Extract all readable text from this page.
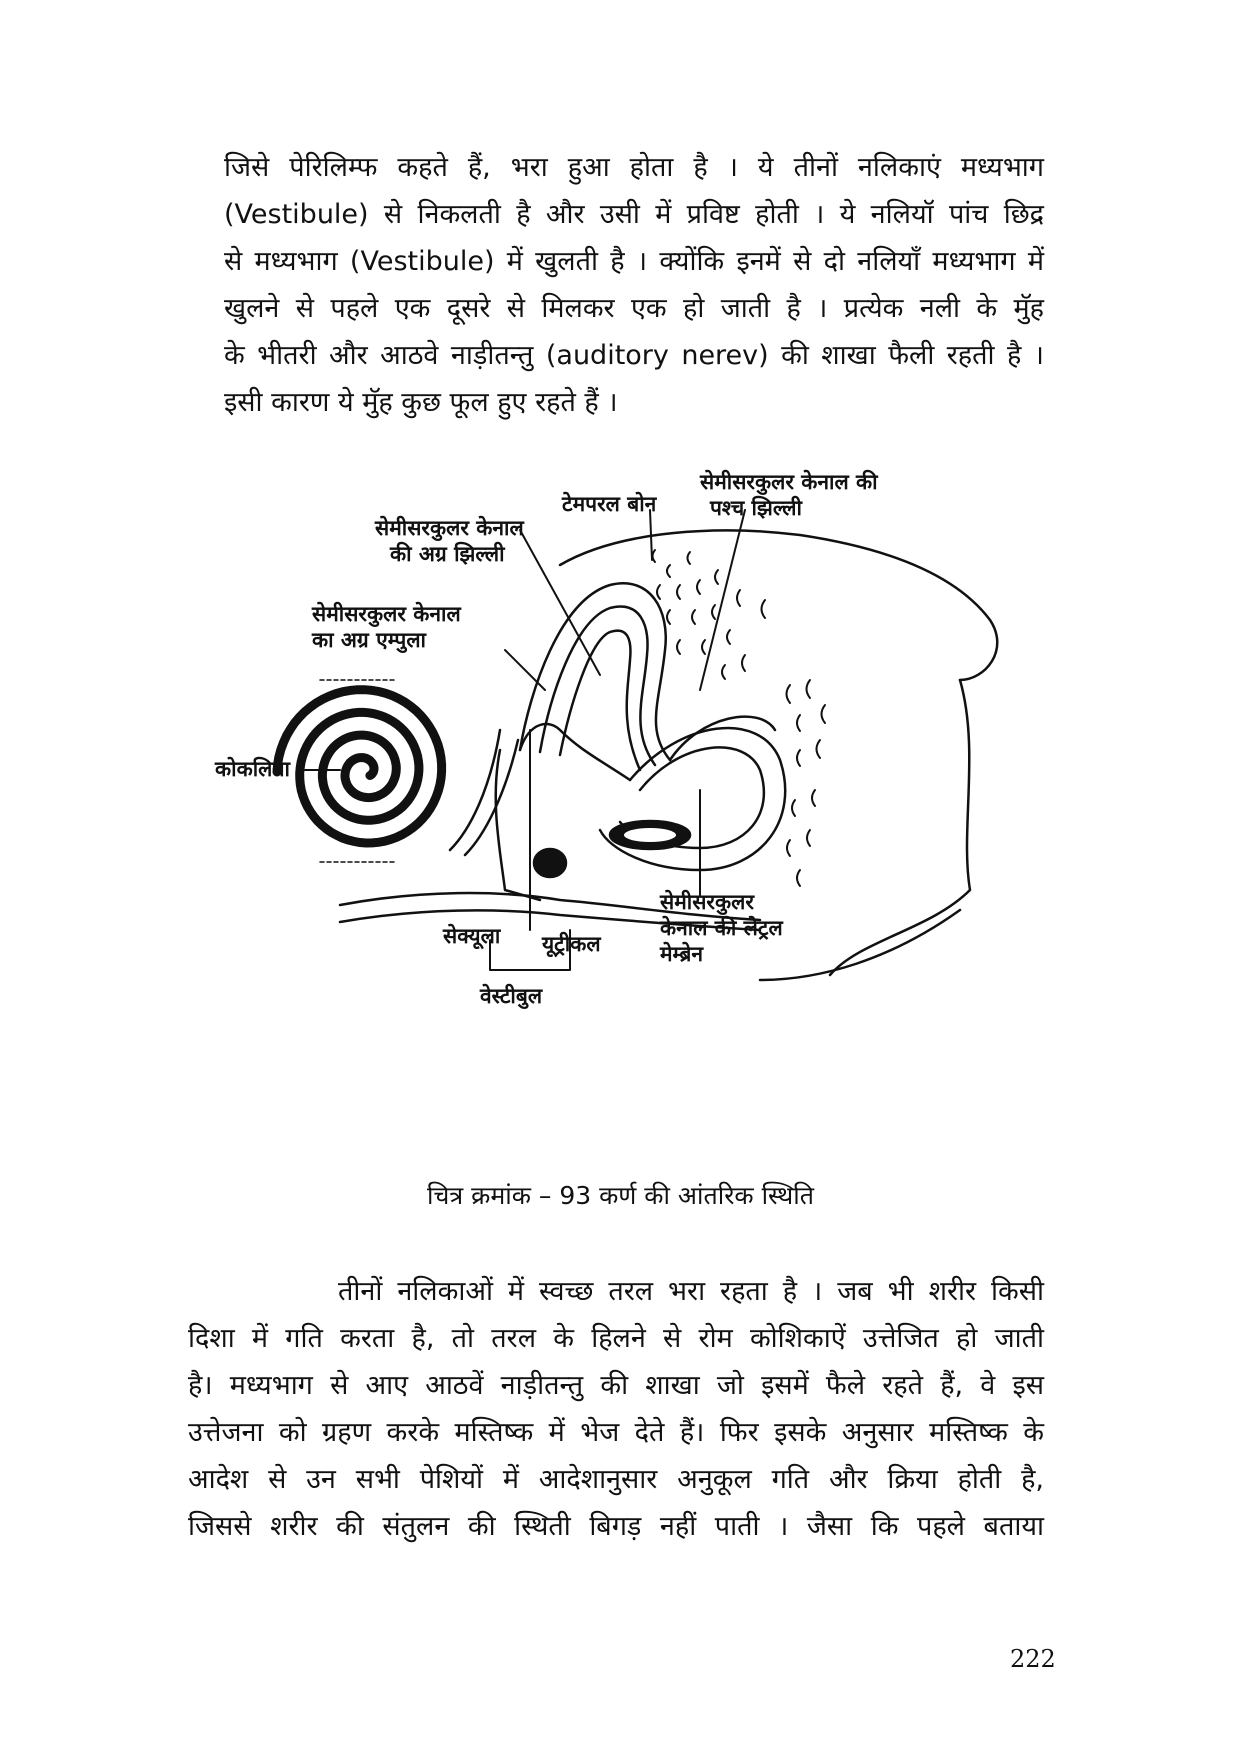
जिसे पेरिलिम्फ कहते हैं, भरा हुआ होता है । ये तीनों नलिकाएं मध्यभाग
(Vestibule) से निकलती है और उसी में प्रविष्ट होती । ये नलियॉ पांच छिद्र
से मध्यभाग (Vestibule) में खुलती है । क्योंकि इनमें से दो नलियॉं मध्यभाग में
खुलने से पहले एक दूसरे से मिलकर एक हो जाती है । प्रत्येक नली के मुॅह
के भीतरी और आठवे नाड़ीतन्तु (auditory nerev) की शाखा फैली रहती है ।
इसी कारण ये मुॅह कुछ फूल हुए रहते हैं ।
टेमपरल बोन
सेमीसरकुलर केनाल की
पश्च झिल्ली
सेमीसरकुलर केनाल
की अग्र झिल्ली
सेमीसरकुलर केनाल
का अग्र एम्पुला
कोकलिया
सेक्यूला यूट्रीकल
वेस्टीबुल
सेमीसरकुलर
केनाल की लेट्रल
मेम्ब्रेन
चित्र क्रमांक – 93 कर्ण की आंतरिक स्थिति
तीनों नलिकाओं में स्वच्छ तरल भरा रहता है । जब भी शरीर किसी
दिशा में गति करता है, तो तरल के हिलने से रोम कोशिकाऐं उत्तेजित हो जाती
है। मध्यभाग से आए आठवें नाड़ीतन्तु की शाखा जो इसमें फैले रहते हैं, वे इस
उत्तेजना को ग्रहण करके मस्तिष्क में भेज देते हैं। फिर इसके अनुसार मस्तिष्क के
आदेश से उन सभी पेशियों में आदेशानुसार अनुकूल गति और क्रिया होती है,
जिससे शरीर की संतुलन की स्थिती बिगड़ नहीं पाती । जैसा कि पहले बताया
222
